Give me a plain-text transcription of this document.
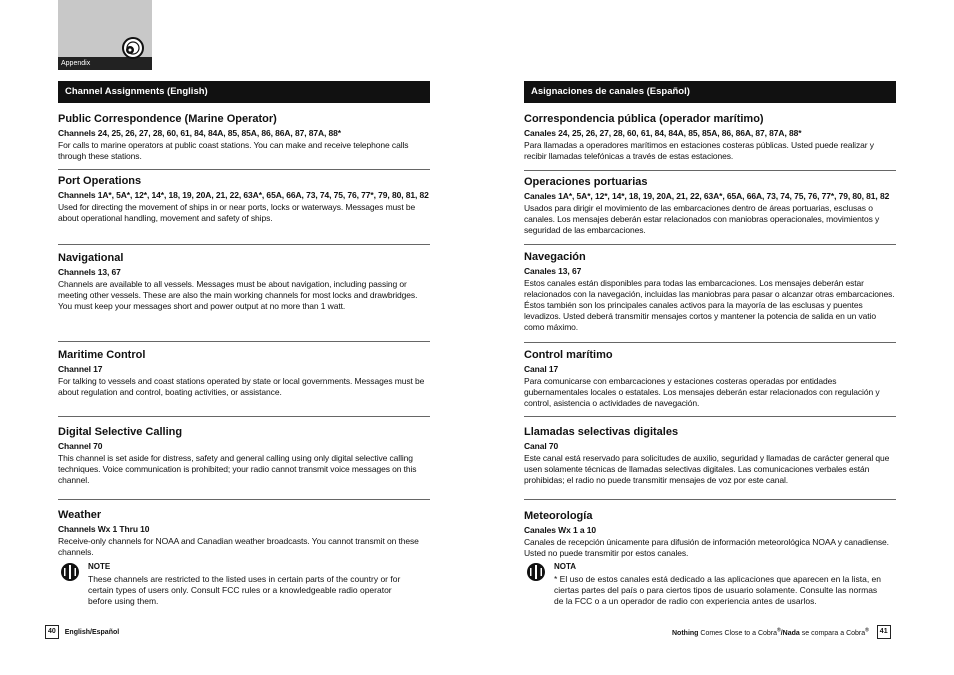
Appendix
Channel Assignments (English)
Public Correspondence (Marine Operator)
Channels 24, 25, 26, 27, 28, 60, 61, 84, 84A, 85, 85A, 86, 86A, 87, 87A, 88*
For calls to marine operators at public coast stations. You can make and receive telephone calls through these stations.
Port Operations
Channels 1A*, 5A*, 12*, 14*, 18, 19, 20A, 21, 22, 63A*, 65A, 66A, 73, 74, 75, 76, 77*, 79, 80, 81, 82
Used for directing the movement of ships in or near ports, locks or waterways. Messages must be about operational handling, movement and safety of ships.
Navigational
Channels 13, 67
Channels are available to all vessels. Messages must be about navigation, including passing or meeting other vessels. These are also the main working channels for most locks and drawbridges. You must keep your messages short and power output at no more than 1 watt.
Maritime Control
Channel 17
For talking to vessels and coast stations operated by state or local governments. Messages must be about regulation and control, boating activities, or assistance.
Digital Selective Calling
Channel 70
This channel is set aside for distress, safety and general calling using only digital selective calling techniques. Voice communication is prohibited; your radio cannot transmit voice messages on this channel.
Weather
Channels Wx 1 Thru 10
Receive-only channels for NOAA and Canadian weather broadcasts. You cannot transmit on these channels.
NOTE
These channels are restricted to the listed uses in certain parts of the country or for certain types of users only. Consult FCC rules or a knowledgeable radio operator before using them.
40 English/Español
Asignaciones de canales (Español)
Correspondencia pública (operador marítimo)
Canales 24, 25, 26, 27, 28, 60, 61, 84, 84A, 85, 85A, 86, 86A, 87, 87A, 88*
Para llamadas a operadores marítimos en estaciones costeras públicas. Usted puede realizar y recibir llamadas telefónicas a través de estas estaciones.
Operaciones portuarias
Canales 1A*, 5A*, 12*, 14*, 18, 19, 20A, 21, 22, 63A*, 65A, 66A, 73, 74, 75, 76, 77*, 79, 80, 81, 82
Usados para dirigir el movimiento de las embarcaciones dentro de áreas portuarias, esclusas o canales. Los mensajes deberán estar relacionados con maniobras operacionales, movimientos y seguridad de las embarcaciones.
Navegación
Canales 13, 67
Estos canales están disponibles para todas las embarcaciones. Los mensajes deberán estar relacionados con la navegación, incluidas las maniobras para pasar o alcanzar otras embarcaciones. Éstos también son los principales canales activos para la mayoría de las esclusas y puentes levadizos. Usted deberá transmitir mensajes cortos y mantener la potencia de salida en un vatio como máximo.
Control marítimo
Canal 17
Para comunicarse con embarcaciones y estaciones costeras operadas por entidades gubernamentales locales o estatales. Los mensajes deberán estar relacionados con regulación y control, asistencia o actividades de navegación.
Llamadas selectivas digitales
Canal 70
Este canal está reservado para solicitudes de auxilio, seguridad y llamadas de carácter general que usen solamente técnicas de llamadas selectivas digitales. Las comunicaciones verbales están prohibidas; el radio no puede transmitir mensajes de voz por este canal.
Meteorología
Canales Wx 1 a 10
Canales de recepción únicamente para difusión de información meteorológica NOAA y canadiense. Usted no puede transmitir por estos canales.
NOTA
* El uso de estos canales está dedicado a las aplicaciones que aparecen en la lista, en ciertas partes del país o para ciertos tipos de usuario solamente. Consulte las normas de la FCC o a un operador de radio con experiencia antes de usarlos.
Nothing Comes Close to a Cobra®/Nada se compara a Cobra® 41
